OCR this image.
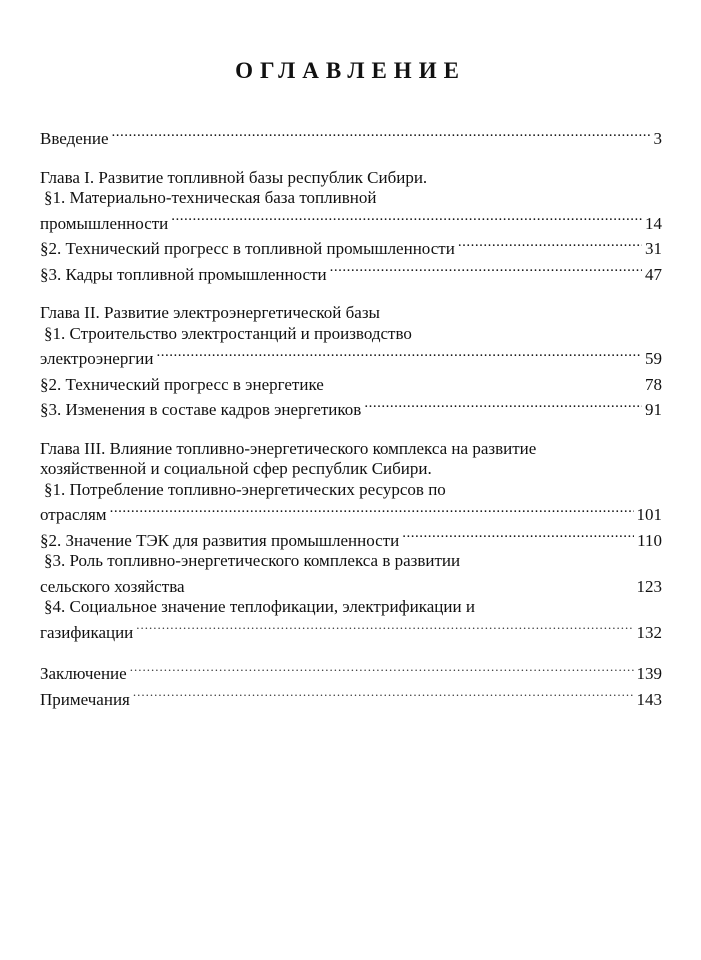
ОГЛАВЛЕНИЕ
Введение .....	3
Глава I. Развитие топливной базы республик Сибири.
§1. Материально-техническая база топливной
промышленности .....	14
§2. Технический прогресс в топливной промышленности .....	31
§3. Кадры топливной промышленности .....	47
Глава II. Развитие электроэнергетической базы
§1. Строительство электростанций и производство
электроэнергии .....	59
§2. Технический прогресс в энергетике	78
§3. Изменения в составе кадров энергетиков .....	91
Глава III. Влияние топливно-энергетического комплекса на развитие
хозяйственной и социальной сфер республик Сибири.
§1. Потребление топливно-энергетических ресурсов по
отраслям .....	101
§2. Значение ТЭК для развития промышленности .....	110
§3. Роль топливно-энергетического комплекса в развитии
сельского хозяйства	123
§4. Социальное значение теплофикации, электрификации и
газификации .....	132
Заключение .....	139
Примечания .....	143
